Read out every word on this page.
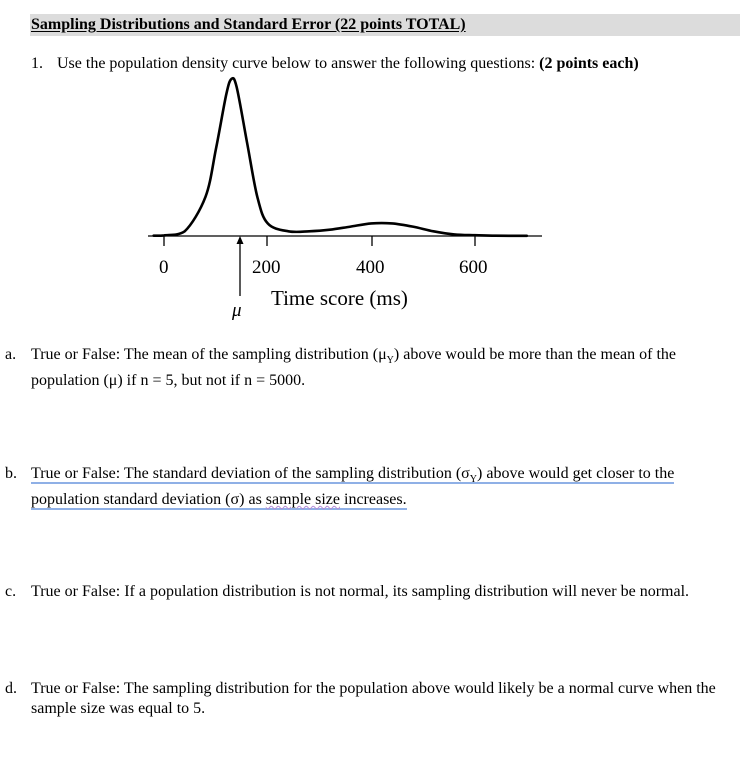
Sampling Distributions and Standard Error (22 points TOTAL)
1. Use the population density curve below to answer the following questions: (2 points each)
0	200	400	600
Time score (ms)
μ
a. True or False: The mean of the sampling distribution $(\mu_Y)$ above would be more than the mean of the population (μ) if n = 5, but not if n = 5000.
b. True or False: The standard deviation of the sampling distribution $(\sigma_Y)$ above would get closer to the population standard deviation (σ) as sample size increases.
c. True or False: If a population distribution is not normal, its sampling distribution will never be normal.
d. True or False: The sampling distribution for the population above would likely be a normal curve when the sample size was equal to 5.
